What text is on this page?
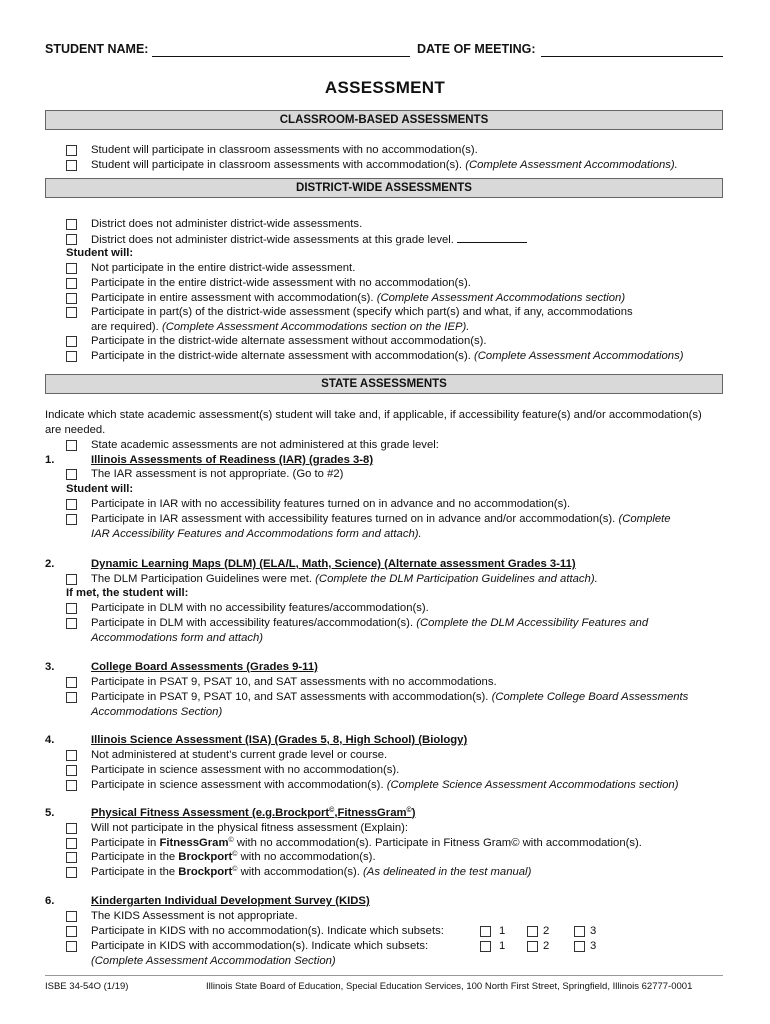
STUDENT NAME:	DATE OF MEETING:
ASSESSMENT
CLASSROOM-BASED ASSESSMENTS
Student will participate in classroom assessments with no accommodation(s).
Student will participate in classroom assessments with accommodation(s). (Complete Assessment Accommodations).
DISTRICT-WIDE ASSESSMENTS
District does not administer district-wide assessments.
District does not administer district-wide assessments at this grade level.
Student will:
Not participate in the entire district-wide assessment.
Participate in the entire district-wide assessment with no accommodation(s).
Participate in entire assessment with accommodation(s). (Complete Assessment Accommodations section)
Participate in part(s) of the district-wide assessment (specify which part(s) and what, if any, accommodations
are required). (Complete Assessment Accommodations section on the IEP).
Participate in the district-wide alternate assessment without accommodation(s).
Participate in the district-wide alternate assessment with accommodation(s). (Complete Assessment Accommodations)
STATE ASSESSMENTS
Indicate which state academic assessment(s) student will take and, if applicable, if accessibility feature(s) and/or accommodation(s)
are needed.
State academic assessments are not administered at this grade level:
1.	Illinois Assessments of Readiness (IAR) (grades 3-8)
The IAR assessment is not appropriate. (Go to #2)
Student will:
Participate in IAR with no accessibility features turned on in advance and no accommodation(s).
Participate in IAR assessment with accessibility features turned on in advance and/or accommodation(s). (Complete
IAR Accessibility Features and Accommodations form and attach).
2.	Dynamic Learning Maps (DLM) (ELA/L, Math, Science) (Alternate assessment Grades 3-11)
The DLM Participation Guidelines were met. (Complete the DLM Participation Guidelines and attach).
If met, the student will:
Participate in DLM with no accessibility features/accommodation(s).
Participate in DLM with accessibility features/accommodation(s). (Complete the DLM Accessibility Features and
Accommodations form and attach)
3.	College Board Assessments (Grades 9-11)
Participate in PSAT 9, PSAT 10, and SAT assessments with no accommodations.
Participate in PSAT 9, PSAT 10, and SAT assessments with accommodation(s). (Complete College Board Assessments
Accommodations Section)
4.	Illinois Science Assessment (ISA) (Grades 5, 8, High School) (Biology)
Not administered at student’s current grade level or course.
Participate in science assessment with no accommodation(s).
Participate in science assessment with accommodation(s). (Complete Science Assessment Accommodations section)
5.	Physical Fitness Assessment (e.g.Brockport©,FitnessGram©)
Will not participate in the physical fitness assessment (Explain):
Participate in FitnessGram© with no accommodation(s). Participate in Fitness Gram© with accommodation(s).
Participate in the Brockport© with no accommodation(s).
Participate in the Brockport© with accommodation(s). (As delineated in the test manual)
6.	Kindergarten Individual Development Survey (KIDS)
The KIDS Assessment is not appropriate.
Participate in KIDS with no accommodation(s). Indicate which subsets:	1	2	3
Participate in KIDS with accommodation(s). Indicate which subsets:	1	2	3
(Complete Assessment Accommodation Section)
ISBE 34-54O (1/19)	Illinois State Board of Education, Special Education Services, 100 North First Street, Springfield, Illinois 62777-0001
